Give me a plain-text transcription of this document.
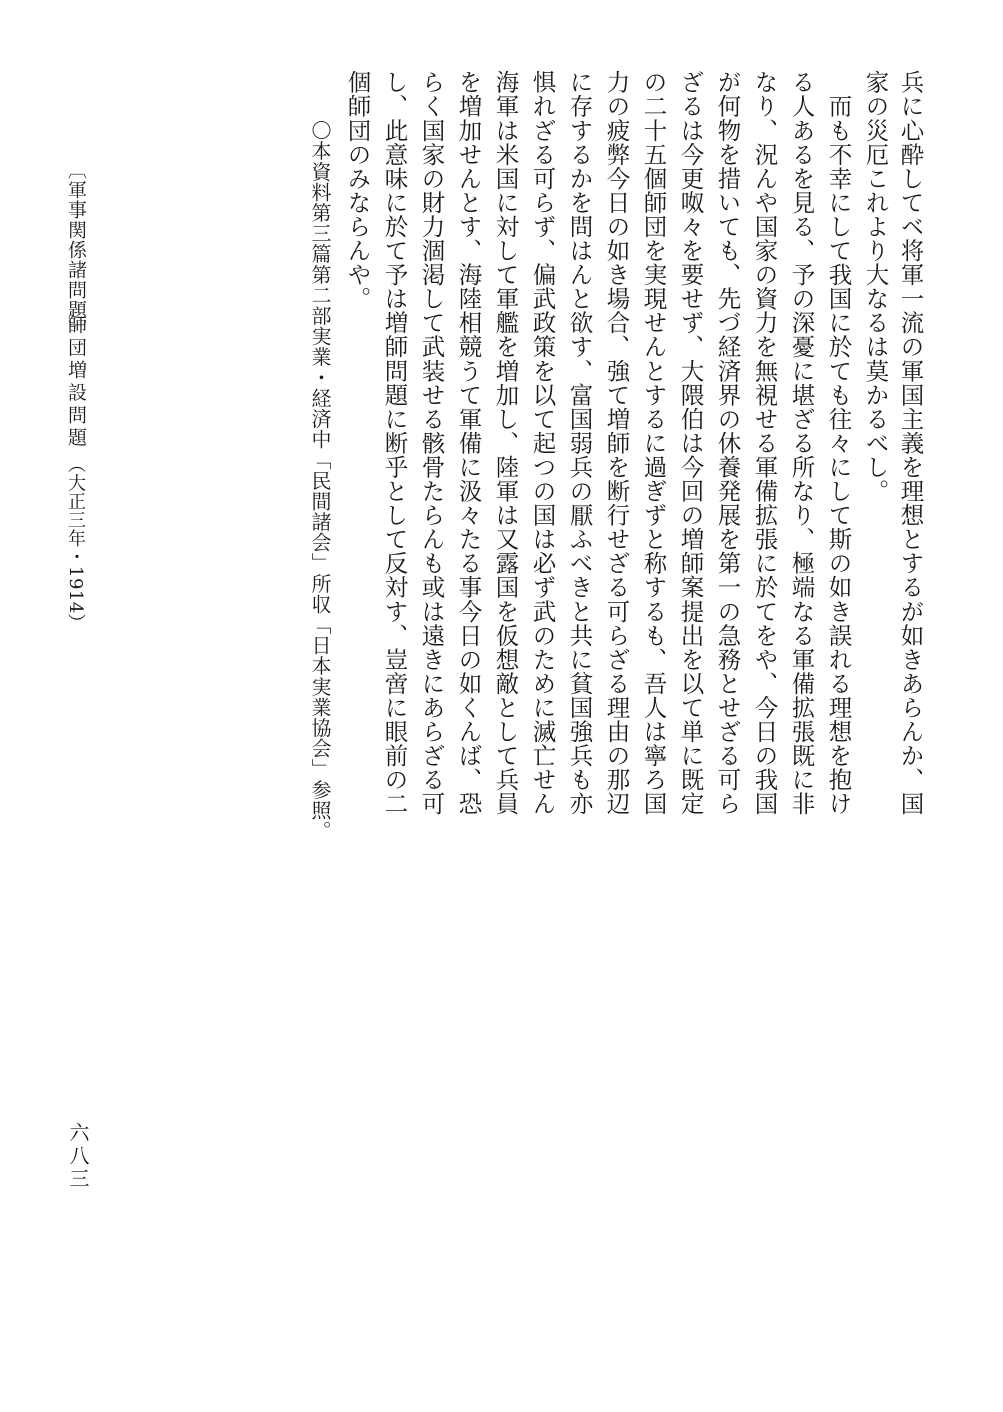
〔軍事関係諸問題〕
師団増設問題
（大正三年・1914）
六八三
兵に心酔してベ将軍一流の軍国主義を理想とするが如きあらんか、国
家の災厄これより大なるは莫かるべし。
　而も不幸にして我国に於ても往々にして斯の如き誤れる理想を抱け
る人あるを見る、予の深憂に堪ざる所なり、極端なる軍備拡張既に非
なり、況んや国家の資力を無視せる軍備拡張に於てをや、今日の我国
が何物を措いても、先づ経済界の休養発展を第一の急務とせざる可ら
ざるは今更呶々を要せず、大隈伯は今回の増師案提出を以て単に既定
の二十五個師団を実現せんとするに過ぎずと称するも、吾人は寧ろ国
力の疲弊今日の如き場合、強て増師を断行せざる可らざる理由の那辺
に存するかを問はんと欲す、富国弱兵の厭ふべきと共に貧国強兵も亦
惧れざる可らず、偏武政策を以て起つの国は必ず武のために滅亡せん
海軍は米国に対して軍艦を増加し、陸軍は又露国を仮想敵として兵員
を増加せんとす、海陸相競うて軍備に汲々たる事今日の如くんば、恐
らく国家の財力涸渇して武装せる骸骨たらんも或は遠きにあらざる可
し、此意味に於て予は増師問題に断乎として反対す、豈啻に眼前の二
個師団のみならんや。
〇本資料第三篇第二部実業・経済中「民間諸会」所収「日本実業協会」参照。
